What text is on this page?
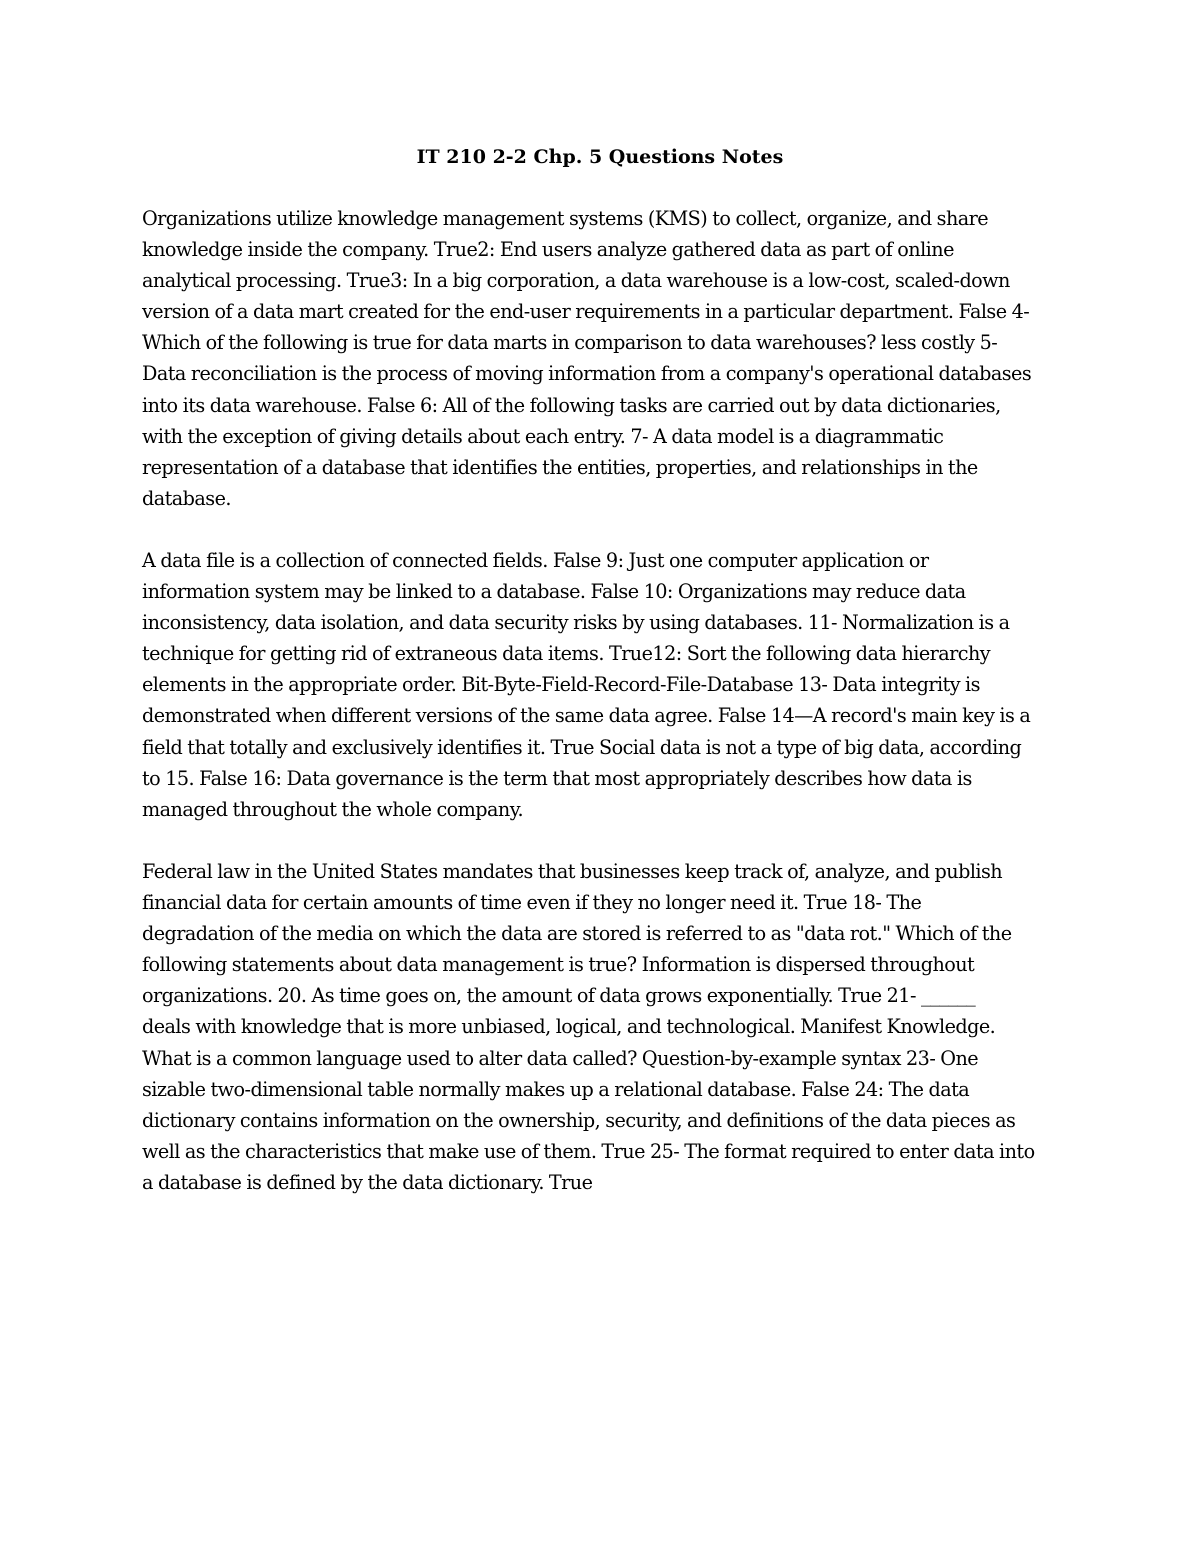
IT 210 2-2 Chp. 5 Questions Notes

Organizations utilize knowledge management systems (KMS) to collect, organize, and share
knowledge inside the company. True2: End users analyze gathered data as part of online
analytical processing. True3: In a big corporation, a data warehouse is a low-cost, scaled-down
version of a data mart created for the end-user requirements in a particular department. False 4-
Which of the following is true for data marts in comparison to data warehouses? less costly 5-
Data reconciliation is the process of moving information from a company's operational databases
into its data warehouse. False 6: All of the following tasks are carried out by data dictionaries,
with the exception of giving details about each entry. 7- A data model is a diagrammatic
representation of a database that identifies the entities, properties, and relationships in the
database.

A data file is a collection of connected fields. False 9: Just one computer application or
information system may be linked to a database. False 10: Organizations may reduce data
inconsistency, data isolation, and data security risks by using databases. 11- Normalization is a
technique for getting rid of extraneous data items. True12: Sort the following data hierarchy
elements in the appropriate order. Bit-Byte-Field-Record-File-Database 13- Data integrity is
demonstrated when different versions of the same data agree. False 14—A record's main key is a
field that totally and exclusively identifies it. True Social data is not a type of big data, according
to 15. False 16: Data governance is the term that most appropriately describes how data is
managed throughout the whole company.

Federal law in the United States mandates that businesses keep track of, analyze, and publish
financial data for certain amounts of time even if they no longer need it. True 18- The
degradation of the media on which the data are stored is referred to as "data rot." Which of the
following statements about data management is true? Information is dispersed throughout
organizations. 20. As time goes on, the amount of data grows exponentially. True 21- ______
deals with knowledge that is more unbiased, logical, and technological. Manifest Knowledge.
What is a common language used to alter data called? Question-by-example syntax 23- One
sizable two-dimensional table normally makes up a relational database. False 24: The data
dictionary contains information on the ownership, security, and definitions of the data pieces as
well as the characteristics that make use of them. True 25- The format required to enter data into
a database is defined by the data dictionary. True
